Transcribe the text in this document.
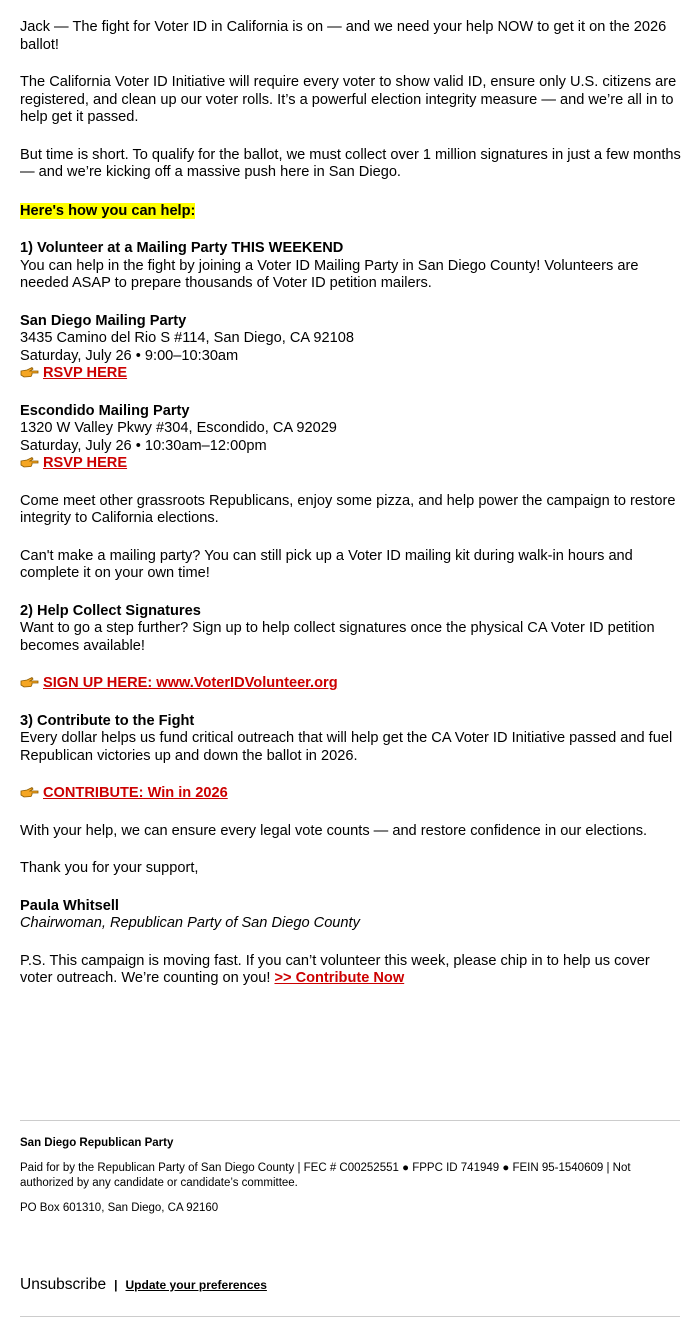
Jack — The fight for Voter ID in California is on — and we need your help NOW to get it on the 2026 ballot!

The California Voter ID Initiative will require every voter to show valid ID, ensure only U.S. citizens are registered, and clean up our voter rolls. It’s a powerful election integrity measure — and we’re all in to help get it passed.

But time is short. To qualify for the ballot, we must collect over 1 million signatures in just a few months — and we’re kicking off a massive push here in San Diego.

Here's how you can help:

1) Volunteer at a Mailing Party THIS WEEKEND
You can help in the fight by joining a Voter ID Mailing Party in San Diego County! Volunteers are needed ASAP to prepare thousands of Voter ID petition mailers.

San Diego Mailing Party
3435 Camino del Rio S #114, San Diego, CA 92108
Saturday, July 26 • 9:00–10:30am
RSVP HERE

Escondido Mailing Party
1320 W Valley Pkwy #304, Escondido, CA 92029
Saturday, July 26 • 10:30am–12:00pm
RSVP HERE

Come meet other grassroots Republicans, enjoy some pizza, and help power the campaign to restore integrity to California elections.

Can't make a mailing party? You can still pick up a Voter ID mailing kit during walk-in hours and complete it on your own time!

2) Help Collect Signatures
Want to go a step further? Sign up to help collect signatures once the physical CA Voter ID petition becomes available!

SIGN UP HERE: www.VoterIDVolunteer.org

3) Contribute to the Fight
Every dollar helps us fund critical outreach that will help get the CA Voter ID Initiative passed and fuel Republican victories up and down the ballot in 2026.

CONTRIBUTE: Win in 2026

With your help, we can ensure every legal vote counts — and restore confidence in our elections.

Thank you for your support,

Paula Whitsell
Chairwoman, Republican Party of San Diego County

P.S. This campaign is moving fast. If you can’t volunteer this week, please chip in to help us cover voter outreach. We’re counting on you! >> Contribute Now

San Diego Republican Party
Paid for by the Republican Party of San Diego County | FEC # C00252551 ● FPPC ID 741949 ● FEIN 95-1540609 | Not authorized by any candidate or candidate’s committee.
PO Box 601310, San Diego, CA 92160
Unsubscribe | Update your preferences
